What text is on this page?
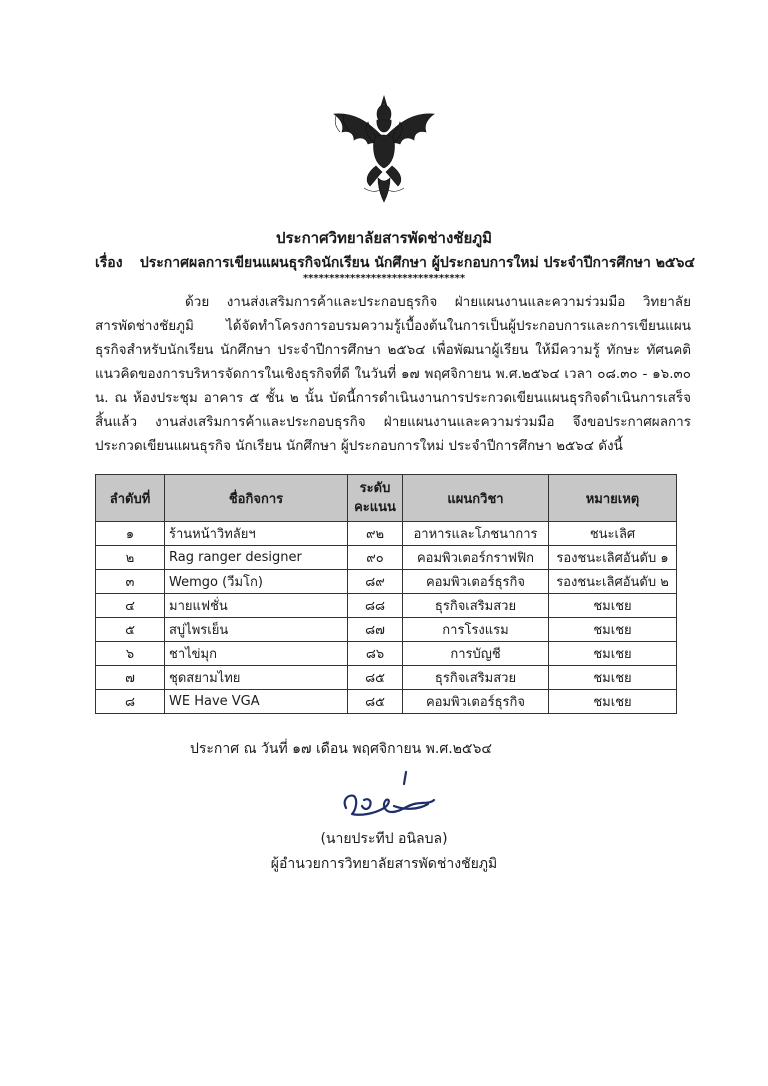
ประกาศวิทยาลัยสารพัดช่างชัยภูมิ
เรื่อง ประกาศผลการเขียนแผนธุรกิจนักเรียน นักศึกษา ผู้ประกอบการใหม่ ประจำปีการศึกษา ๒๕๖๔
*******************************
ด้วย งานส่งเสริมการค้าและประกอบธุรกิจ ฝ่ายแผนงานและความร่วมมือ วิทยาลัยสารพัดช่างชัยภูมิ ได้จัดทำโครงการอบรมความรู้เบื้องต้นในการเป็นผู้ประกอบการและการเขียนแผนธุรกิจสำหรับนักเรียน นักศึกษา ประจำปีการศึกษา ๒๕๖๔ เพื่อพัฒนาผู้เรียน ให้มีความรู้ ทักษะ ทัศนคติ แนวคิดของการบริหารจัดการในเชิงธุรกิจที่ดี ในวันที่ ๑๗ พฤศจิกายน พ.ศ.๒๕๖๔ เวลา ๐๘.๓๐ - ๑๖.๓๐ น. ณ ห้องประชุม อาคาร ๕ ชั้น ๒ นั้น บัดนี้การดำเนินงานการประกวดเขียนแผนธุรกิจดำเนินการเสร็จสิ้นแล้ว งานส่งเสริมการค้าและประกอบธุรกิจ ฝ่ายแผนงานและความร่วมมือ จึงขอประกาศผลการประกวดเขียนแผนธุรกิจ นักเรียน นักศึกษา ผู้ประกอบการใหม่ ประจำปีการศึกษา ๒๕๖๔ ดังนี้
ลำดับที่	ชื่อกิจการ	ระดับคะแนน	แผนกวิชา	หมายเหตุ
๑	ร้านหน้าวิทลัยฯ	๙๒	อาหารและโภชนาการ	ชนะเลิศ
๒	Rag ranger designer	๙๐	คอมพิวเตอร์กราฟฟิก	รองชนะเลิศอันดับ ๑
๓	Wemgo (วีมโก)	๘๙	คอมพิวเตอร์ธุรกิจ	รองชนะเลิศอันดับ ๒
๔	มายแฟชั่น	๘๘	ธุรกิจเสริมสวย	ชมเชย
๕	สบู่ไพรเย็น	๘๗	การโรงแรม	ชมเชย
๖	ชาไข่มุก	๘๖	การบัญชี	ชมเชย
๗	ชุดสยามไทย	๘๕	ธุรกิจเสริมสวย	ชมเชย
๘	WE Have VGA	๘๕	คอมพิวเตอร์ธุรกิจ	ชมเชย
ประกาศ ณ วันที่ ๑๗ เดือน พฤศจิกายน พ.ศ.๒๕๖๔
(นายประทีป อนิลบล)
ผู้อำนวยการวิทยาลัยสารพัดช่างชัยภูมิ
